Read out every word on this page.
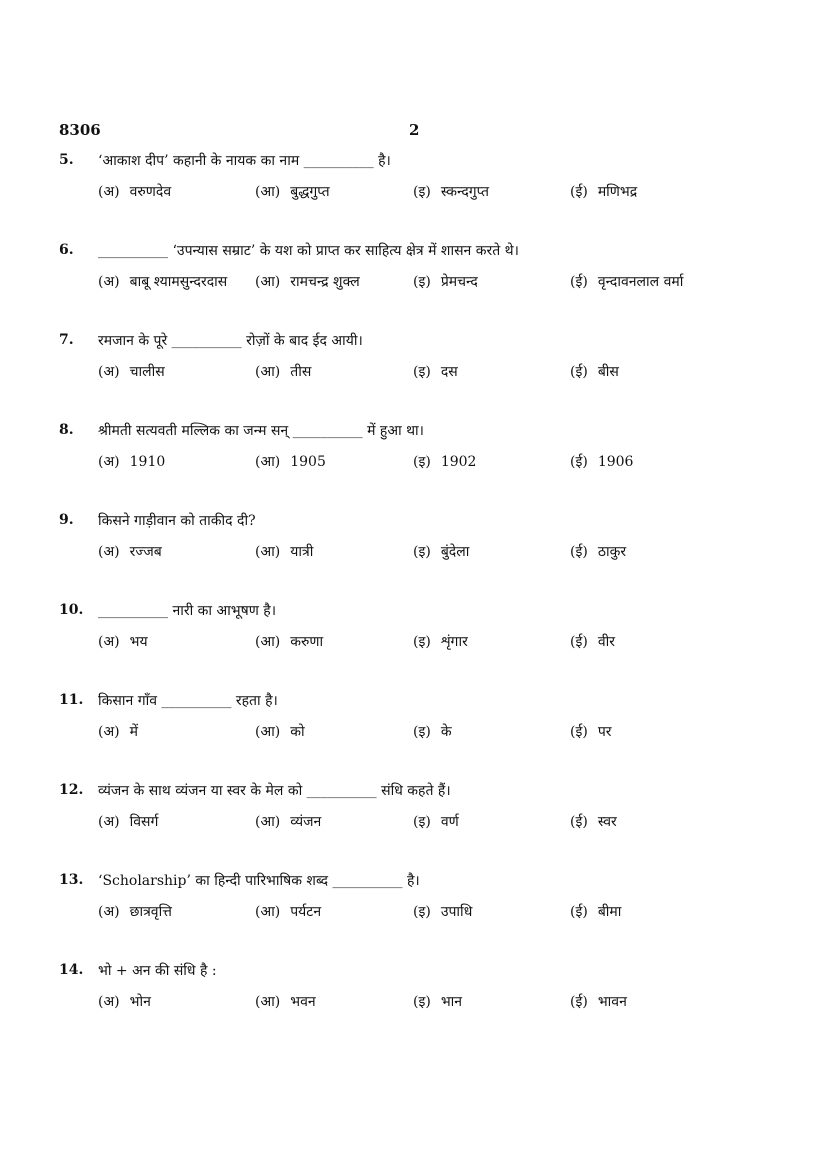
8306	2
5. ‘आकाश दीप’ कहानी के नायक का नाम __________ है।
(अ) वरुणदेव	(आ) बुद्धगुप्त	(इ) स्कन्दगुप्त	(ई) मणिभद्र
6. __________ ‘उपन्यास सम्राट’ के यश को प्राप्त कर साहित्य क्षेत्र में शासन करते थे।
(अ) बाबू श्यामसुन्दरदास (आ) रामचन्द्र शुक्ल	(इ) प्रेमचन्द	(ई) वृन्दावनलाल वर्मा
7. रमजान के पूरे __________ रोज़ों के बाद ईद आयी।
(अ) चालीस	(आ) तीस	(इ) दस	(ई) बीस
8. श्रीमती सत्यवती मल्लिक का जन्म सन् __________ में हुआ था।
(अ) 1910	(आ) 1905	(इ) 1902	(ई) 1906
9. किसने गाड़ीवान को ताकीद दी?
(अ) रज्जब	(आ) यात्री	(इ) बुंदेला	(ई) ठाकुर
10. __________ नारी का आभूषण है।
(अ) भय	(आ) करुणा	(इ) शृंगार	(ई) वीर
11. किसान गाँव __________ रहता है।
(अ) में	(आ) को	(इ) के	(ई) पर
12. व्यंजन के साथ व्यंजन या स्वर के मेल को __________ संधि कहते हैं।
(अ) विसर्ग	(आ) व्यंजन	(इ) वर्ण	(ई) स्वर
13. ‘Scholarship’ का हिन्दी पारिभाषिक शब्द __________ है।
(अ) छात्रवृत्ति	(आ) पर्यटन	(इ) उपाधि	(ई) बीमा
14. भो + अन की संधि है :
(अ) भोन	(आ) भवन	(इ) भान	(ई) भावन
